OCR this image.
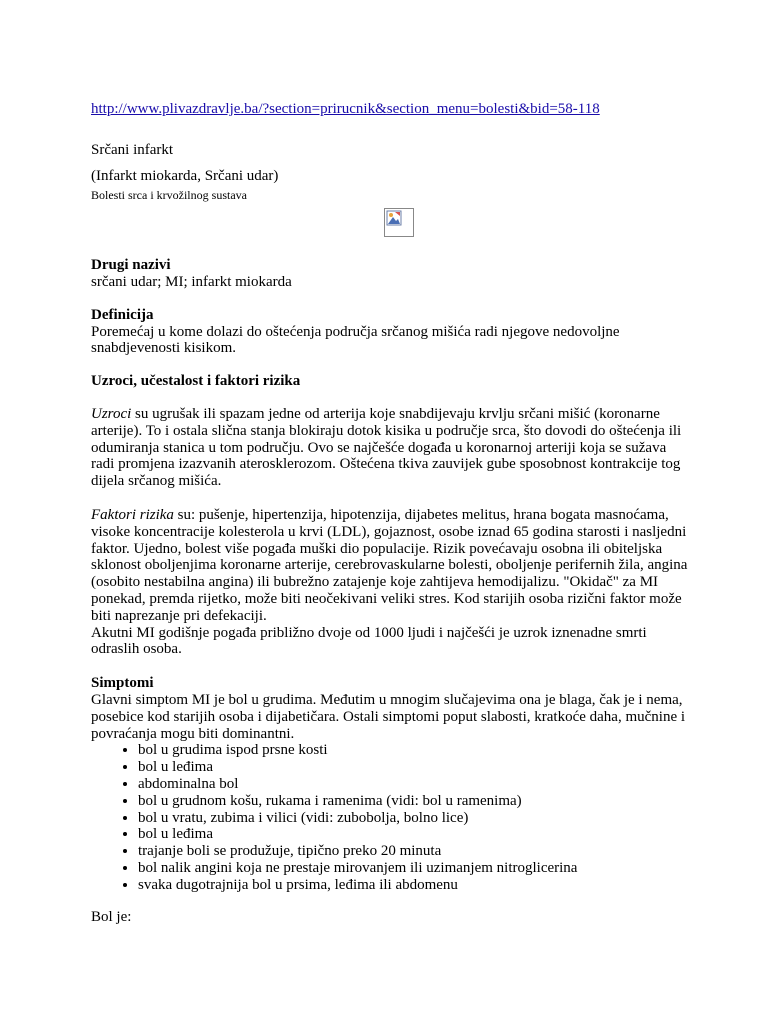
http://www.plivazdravlje.ba/?section=prirucnik&section_menu=bolesti&bid=58-118
Srčani infarkt
(Infarkt miokarda, Srčani udar)
Bolesti srca i krvožilnog sustava
Drugi nazivi

srčani udar; MI; infarkt miokarda

Definicija

Poremećaj u kome dolazi do oštećenja područja srčanog mišića radi njegove nedovoljne snabdjevenosti kisikom.

Uzroci, učestalost i faktori rizika

Uzroci su ugrušak ili spazam jedne od arterija koje snabdijevaju krvlju srčani mišić (koronarne arterije). To i ostala slična stanja blokiraju dotok kisika u područje srca, što dovodi do oštećenja ili odumiranja stanica u tom području. Ovo se najčešće događa u koronarnoj arteriji koja se sužava radi promjena izazvanih aterosklerozom. Oštećena tkiva zauvijek gube sposobnost kontrakcije tog dijela srčanog mišića.

Faktori rizika su: pušenje, hipertenzija, hipotenzija, dijabetes melitus, hrana bogata masnoćama, visoke koncentracije kolesterola u krvi (LDL), gojaznost, osobe iznad 65 godina starosti i nasljedni faktor. Ujedno, bolest više pogađa muški dio populacije. Rizik povećavaju osobna ili obiteljska sklonost oboljenjima koronarne arterije, cerebrovaskularne bolesti, oboljenje perifernih žila, angina (osobito nestabilna angina) ili bubrežno zatajenje koje zahtijeva hemodijalizu. "Okidač" za MI ponekad, premda rijetko, može biti neočekivani veliki stres. Kod starijih osoba rizični faktor može biti naprezanje pri defekaciji.

Akutni MI godišnje pogađa približno dvoje od 1000 ljudi i najčešći je uzrok iznenadne smrti odraslih osoba.

Simptomi

Glavni simptom MI je bol u grudima. Međutim u mnogim slučajevima ona je blaga, čak je i nema, posebice kod starijih osoba i dijabetičara. Ostali simptomi poput slabosti, kratkoće daha, mučnine i povraćanja mogu biti dominantni.

• bol u grudima ispod prsne kosti
• bol u leđima
• abdominalna bol
• bol u grudnom košu, rukama i ramenima (vidi: bol u ramenima)
• bol u vratu, zubima i vilici (vidi: zubobolja, bolno lice)
• bol u leđima
• trajanje boli se produžuje, tipično preko 20 minuta
• bol nalik angini koja ne prestaje mirovanjem ili uzimanjem nitroglicerina
• svaka dugotrajnija bol u prsima, leđima ili abdomenu

Bol je:
